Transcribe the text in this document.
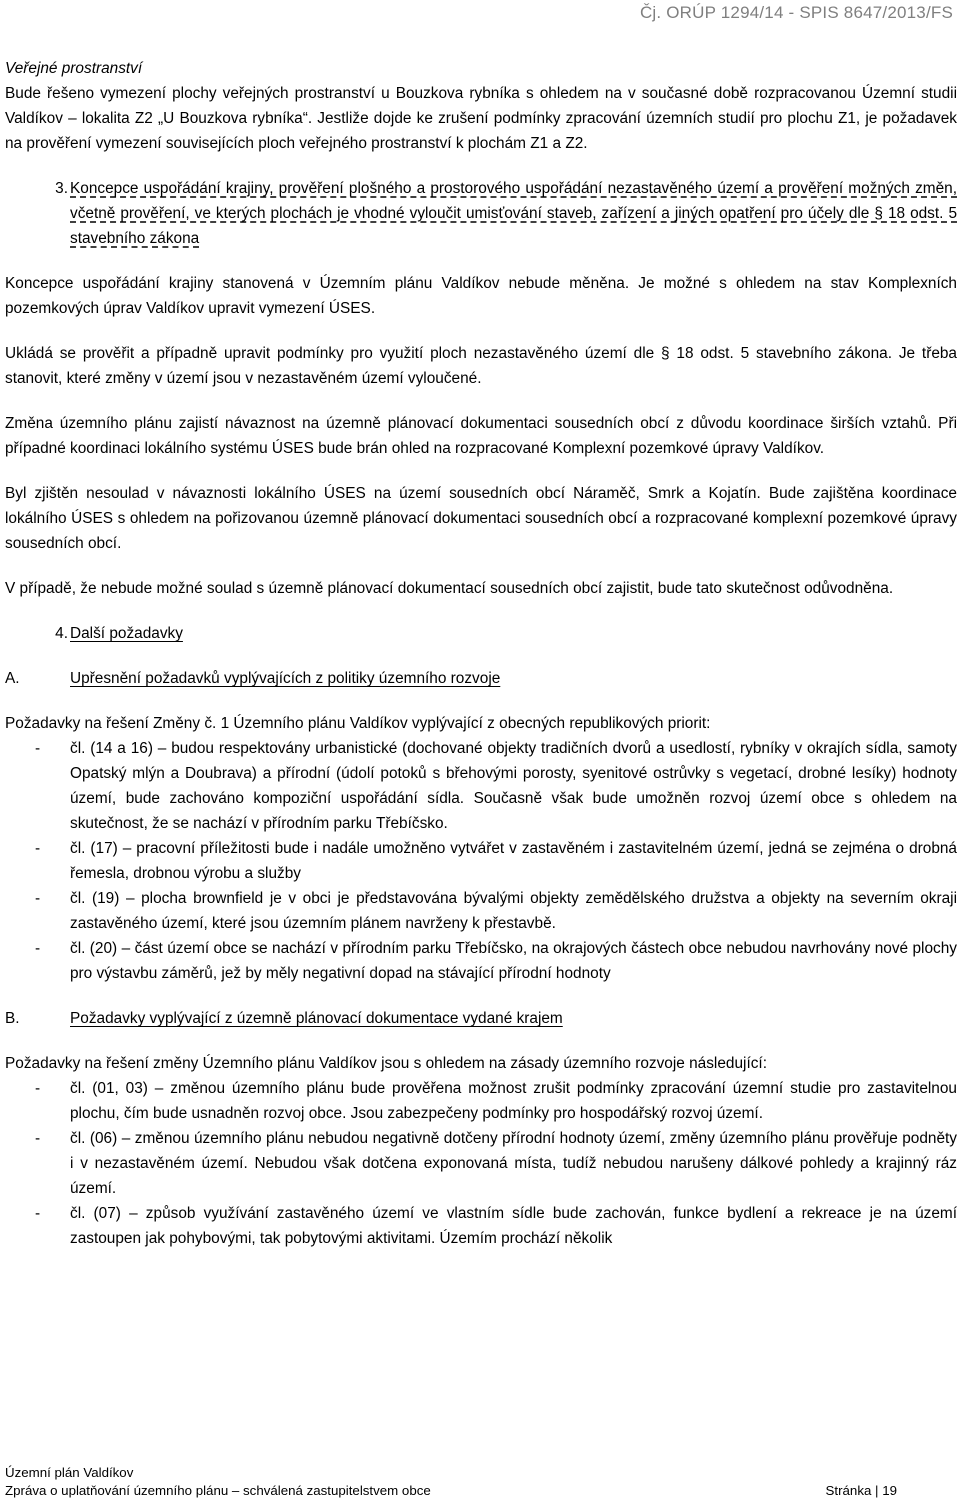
Čj. ORÚP 1294/14 - SPIS 8647/2013/FS

Veřejné prostranství

Bude řešeno vymezení plochy veřejných prostranství u Bouzkova rybníka s ohledem na v současné době rozpracovanou Územní studii Valdíkov – lokalita Z2 „U Bouzkova rybníka“. Jestliže dojde ke zrušení podmínky zpracování územních studií pro plochu Z1, je požadavek na prověření vymezení souvisejících ploch veřejného prostranství k plochám Z1 a Z2.

3. Koncepce uspořádání krajiny, prověření plošného a prostorového uspořádání nezastavěného území a prověření možných změn, včetně prověření, ve kterých plochách je vhodné vyloučit umisťování staveb, zařízení a jiných opatření pro účely dle § 18 odst. 5 stavebního zákona

Koncepce uspořádání krajiny stanovená v Územním plánu Valdíkov nebude měněna. Je možné s ohledem na stav Komplexních pozemkových úprav Valdíkov upravit vymezení ÚSES.

Ukládá se prověřit a případně upravit podmínky pro využití ploch nezastavěného území dle § 18 odst. 5 stavebního zákona. Je třeba stanovit, které změny v území jsou v nezastavěném území vyloučené.

Změna územního plánu zajistí návaznost na územně plánovací dokumentaci sousedních obcí z důvodu koordinace širších vztahů. Při případné koordinaci lokálního systému ÚSES bude brán ohled na rozpracované Komplexní pozemkové úpravy Valdíkov.

Byl zjištěn nesoulad v návaznosti lokálního ÚSES na území sousedních obcí Náraměč, Smrk a Kojatín. Bude zajištěna koordinace lokálního ÚSES s ohledem na pořizovanou územně plánovací dokumentaci sousedních obcí a rozpracované komplexní pozemkové úpravy sousedních obcí.

V případě, že nebude možné soulad s územně plánovací dokumentací sousedních obcí zajistit, bude tato skutečnost odůvodněna.

4. Další požadavky
A.	Upřesnění požadavků vyplývajících z politiky územního rozvoje

Požadavky na řešení Změny č. 1 Územního plánu Valdíkov vyplývající z obecných republikových priorit:

-	čl. (14 a 16) – budou respektovány urbanistické (dochované objekty tradičních dvorů a usedlostí, rybníky v okrajích sídla, samoty Opatský mlýn a Doubrava) a přírodní (údolí potoků s břehovými porosty, syenitové ostrůvky s vegetací, drobné lesíky) hodnoty území, bude zachováno kompoziční uspořádání sídla. Současně však bude umožněn rozvoj území obce s ohledem na skutečnost, že se nachází v přírodním parku Třebíčsko.
-	čl. (17) – pracovní příležitosti bude i nadále umožněno vytvářet v zastavěném i zastavitelném území, jedná se zejména o drobná řemesla, drobnou výrobu a služby
-	čl. (19) – plocha brownfield je v obci je představována bývalými objekty zemědělského družstva a objekty na severním okraji zastavěného území, které jsou územním plánem navrženy k přestavbě.
-	čl. (20) – část území obce se nachází v přírodním parku Třebíčsko, na okrajových částech obce nebudou navrhovány nové plochy pro výstavbu záměrů, jež by měly negativní dopad na stávající přírodní hodnoty
B.	Požadavky vyplývající z územně plánovací dokumentace vydané krajem

Požadavky na řešení změny Územního plánu Valdíkov jsou s ohledem na zásady územního rozvoje následující:

-	čl. (01, 03) – změnou územního plánu bude prověřena možnost zrušit podmínky zpracování územní studie pro zastavitelnou plochu, čím bude usnadněn rozvoj obce. Jsou zabezpečeny podmínky pro hospodářský rozvoj území.
-	čl. (06) – změnou územního plánu nebudou negativně dotčeny přírodní hodnoty území, změny územního plánu prověřuje podněty i v nezastavěném území. Nebudou však dotčena exponovaná místa, tudíž nebudou narušeny dálkové pohledy a krajinný ráz území.
-	čl. (07) – způsob využívání zastavěného území ve vlastním sídle bude zachován, funkce bydlení a rekreace je na území zastoupen jak pohybovými, tak pobytovými aktivitami. Územím prochází několik
Územní plán Valdíkov
Zpráva o uplatňování územního plánu – schválená zastupitelstvem obce	Stránka | 19
